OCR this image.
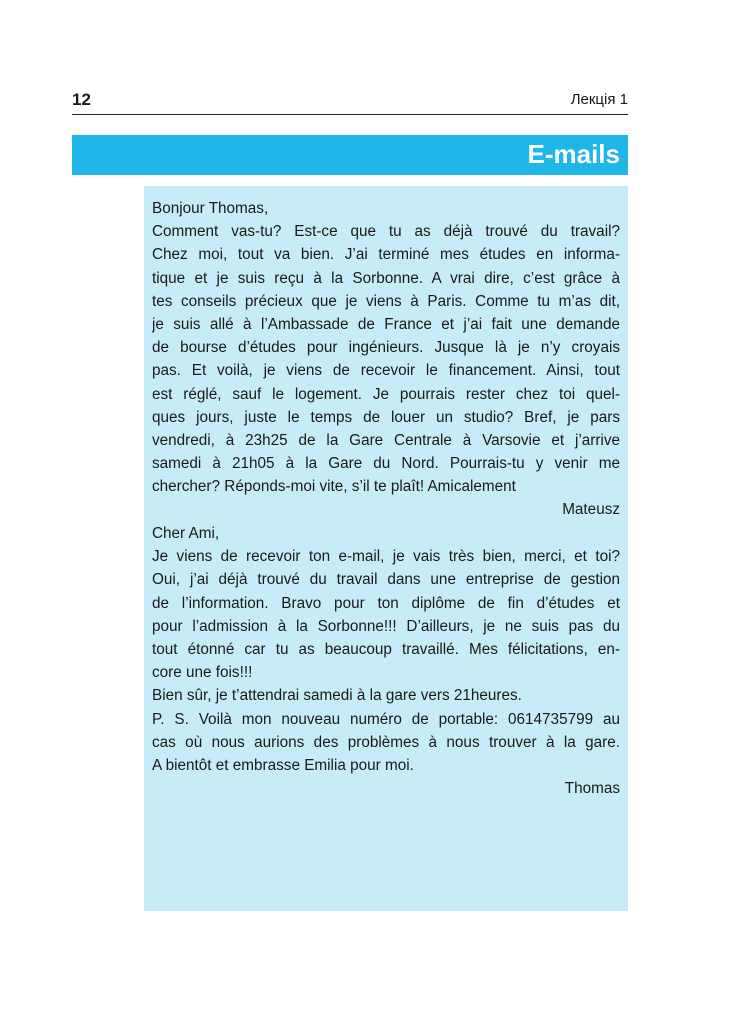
12	Лекція 1
E-mails
Bonjour Thomas,
Comment vas-tu? Est-ce que tu as déjà trouvé du travail?
Chez moi, tout va bien. J’ai terminé mes études en informa-
tique et je suis reçu à la Sorbonne. A vrai dire, c’est grâce à
tes conseils précieux que je viens à Paris. Comme tu m’as dit,
je suis allé à l’Ambassade de France et j’ai fait une demande
de bourse d’études pour ingénieurs. Jusque là je n’y croyais
pas. Et voilà, je viens de recevoir le financement. Ainsi, tout
est réglé, sauf le logement. Je pourrais rester chez toi quel-
ques jours, juste le temps de louer un studio? Bref, je pars
vendredi, à 23h25 de la Gare Centrale à Varsovie et j’arrive
samedi à 21h05 à la Gare du Nord. Pourrais-tu y venir me
chercher? Réponds-moi vite, s’il te plaît! Amicalement
Mateusz
Cher Ami,
Je viens de recevoir ton e-mail, je vais très bien, merci, et toi?
Oui, j’ai déjà trouvé du travail dans une entreprise de gestion
de l’information. Bravo pour ton diplôme de fin d’études et
pour l’admission à la Sorbonne!!! D’ailleurs, je ne suis pas du
tout étonné car tu as beaucoup travaillé. Mes félicitations, en-
core une fois!!!
Bien sûr, je t’attendrai samedi à la gare vers 21heures.
P. S. Voilà mon nouveau numéro de portable: 0614735799 au
cas où nous aurions des problèmes à nous trouver à la gare.
A bientôt et embrasse Emilia pour moi.
Thomas
